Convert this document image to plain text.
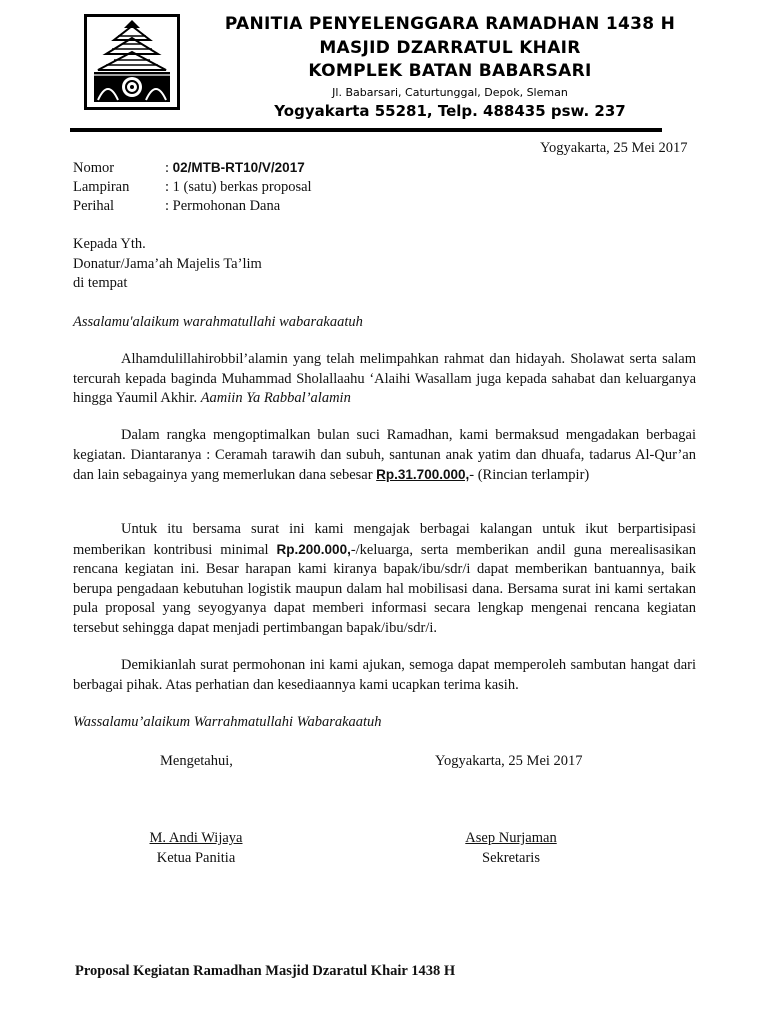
PANITIA PENYELENGGARA RAMADHAN 1438 H
MASJID DZARRATUL KHAIR
KOMPLEK BATAN BABARSARI
Jl. Babarsari, Caturtunggal, Depok, Sleman
Yogyakarta 55281, Telp. 488435 psw. 237
Yogyakarta, 25 Mei 2017
Nomor	: 02/MTB-RT10/V/2017
Lampiran : 1 (satu) berkas proposal
Perihal	: Permohonan Dana
Kepada Yth.
Donatur/Jama’ah Majelis Ta’lim
di tempat
Assalamu'alaikum warahmatullahi wabarakaatuh
Alhamdulillahirobbil’alamin yang telah melimpahkan rahmat dan hidayah. Sholawat serta salam tercurah kepada baginda Muhammad Sholallaahu ‘Alaihi Wasallam juga kepada sahabat dan keluarganya hingga Yaumil Akhir. Aamiin Ya Rabbal’alamin
Dalam rangka mengoptimalkan bulan suci Ramadhan, kami bermaksud mengadakan berbagai kegiatan. Diantaranya : Ceramah tarawih dan subuh, santunan anak yatim dan dhuafa, tadarus Al-Qur’an dan lain sebagainya yang memerlukan dana sebesar Rp.31.700.000,- (Rincian terlampir)
Untuk itu bersama surat ini kami mengajak berbagai kalangan untuk ikut berpartisipasi memberikan kontribusi minimal Rp.200.000,-/keluarga, serta memberikan andil guna merealisasikan rencana kegiatan ini. Besar harapan kami kiranya bapak/ibu/sdr/i dapat memberikan bantuannya, baik berupa pengadaan kebutuhan logistik maupun dalam hal mobilisasi dana. Bersama surat ini kami sertakan pula proposal yang seyogyanya dapat memberi informasi secara lengkap mengenai rencana kegiatan tersebut sehingga dapat menjadi pertimbangan bapak/ibu/sdr/i.
Demikianlah surat permohonan ini kami ajukan, semoga dapat memperoleh sambutan hangat dari berbagai pihak. Atas perhatian dan kesediaannya kami ucapkan terima kasih.
Wassalamu’alaikum Warrahmatullahi Wabarakaatuh
Mengetahui,	Yogyakarta, 25 Mei 2017
M. Andi Wijaya
Ketua Panitia
Asep Nurjaman
Sekretaris
Proposal Kegiatan Ramadhan Masjid Dzaratul Khair 1438 H
